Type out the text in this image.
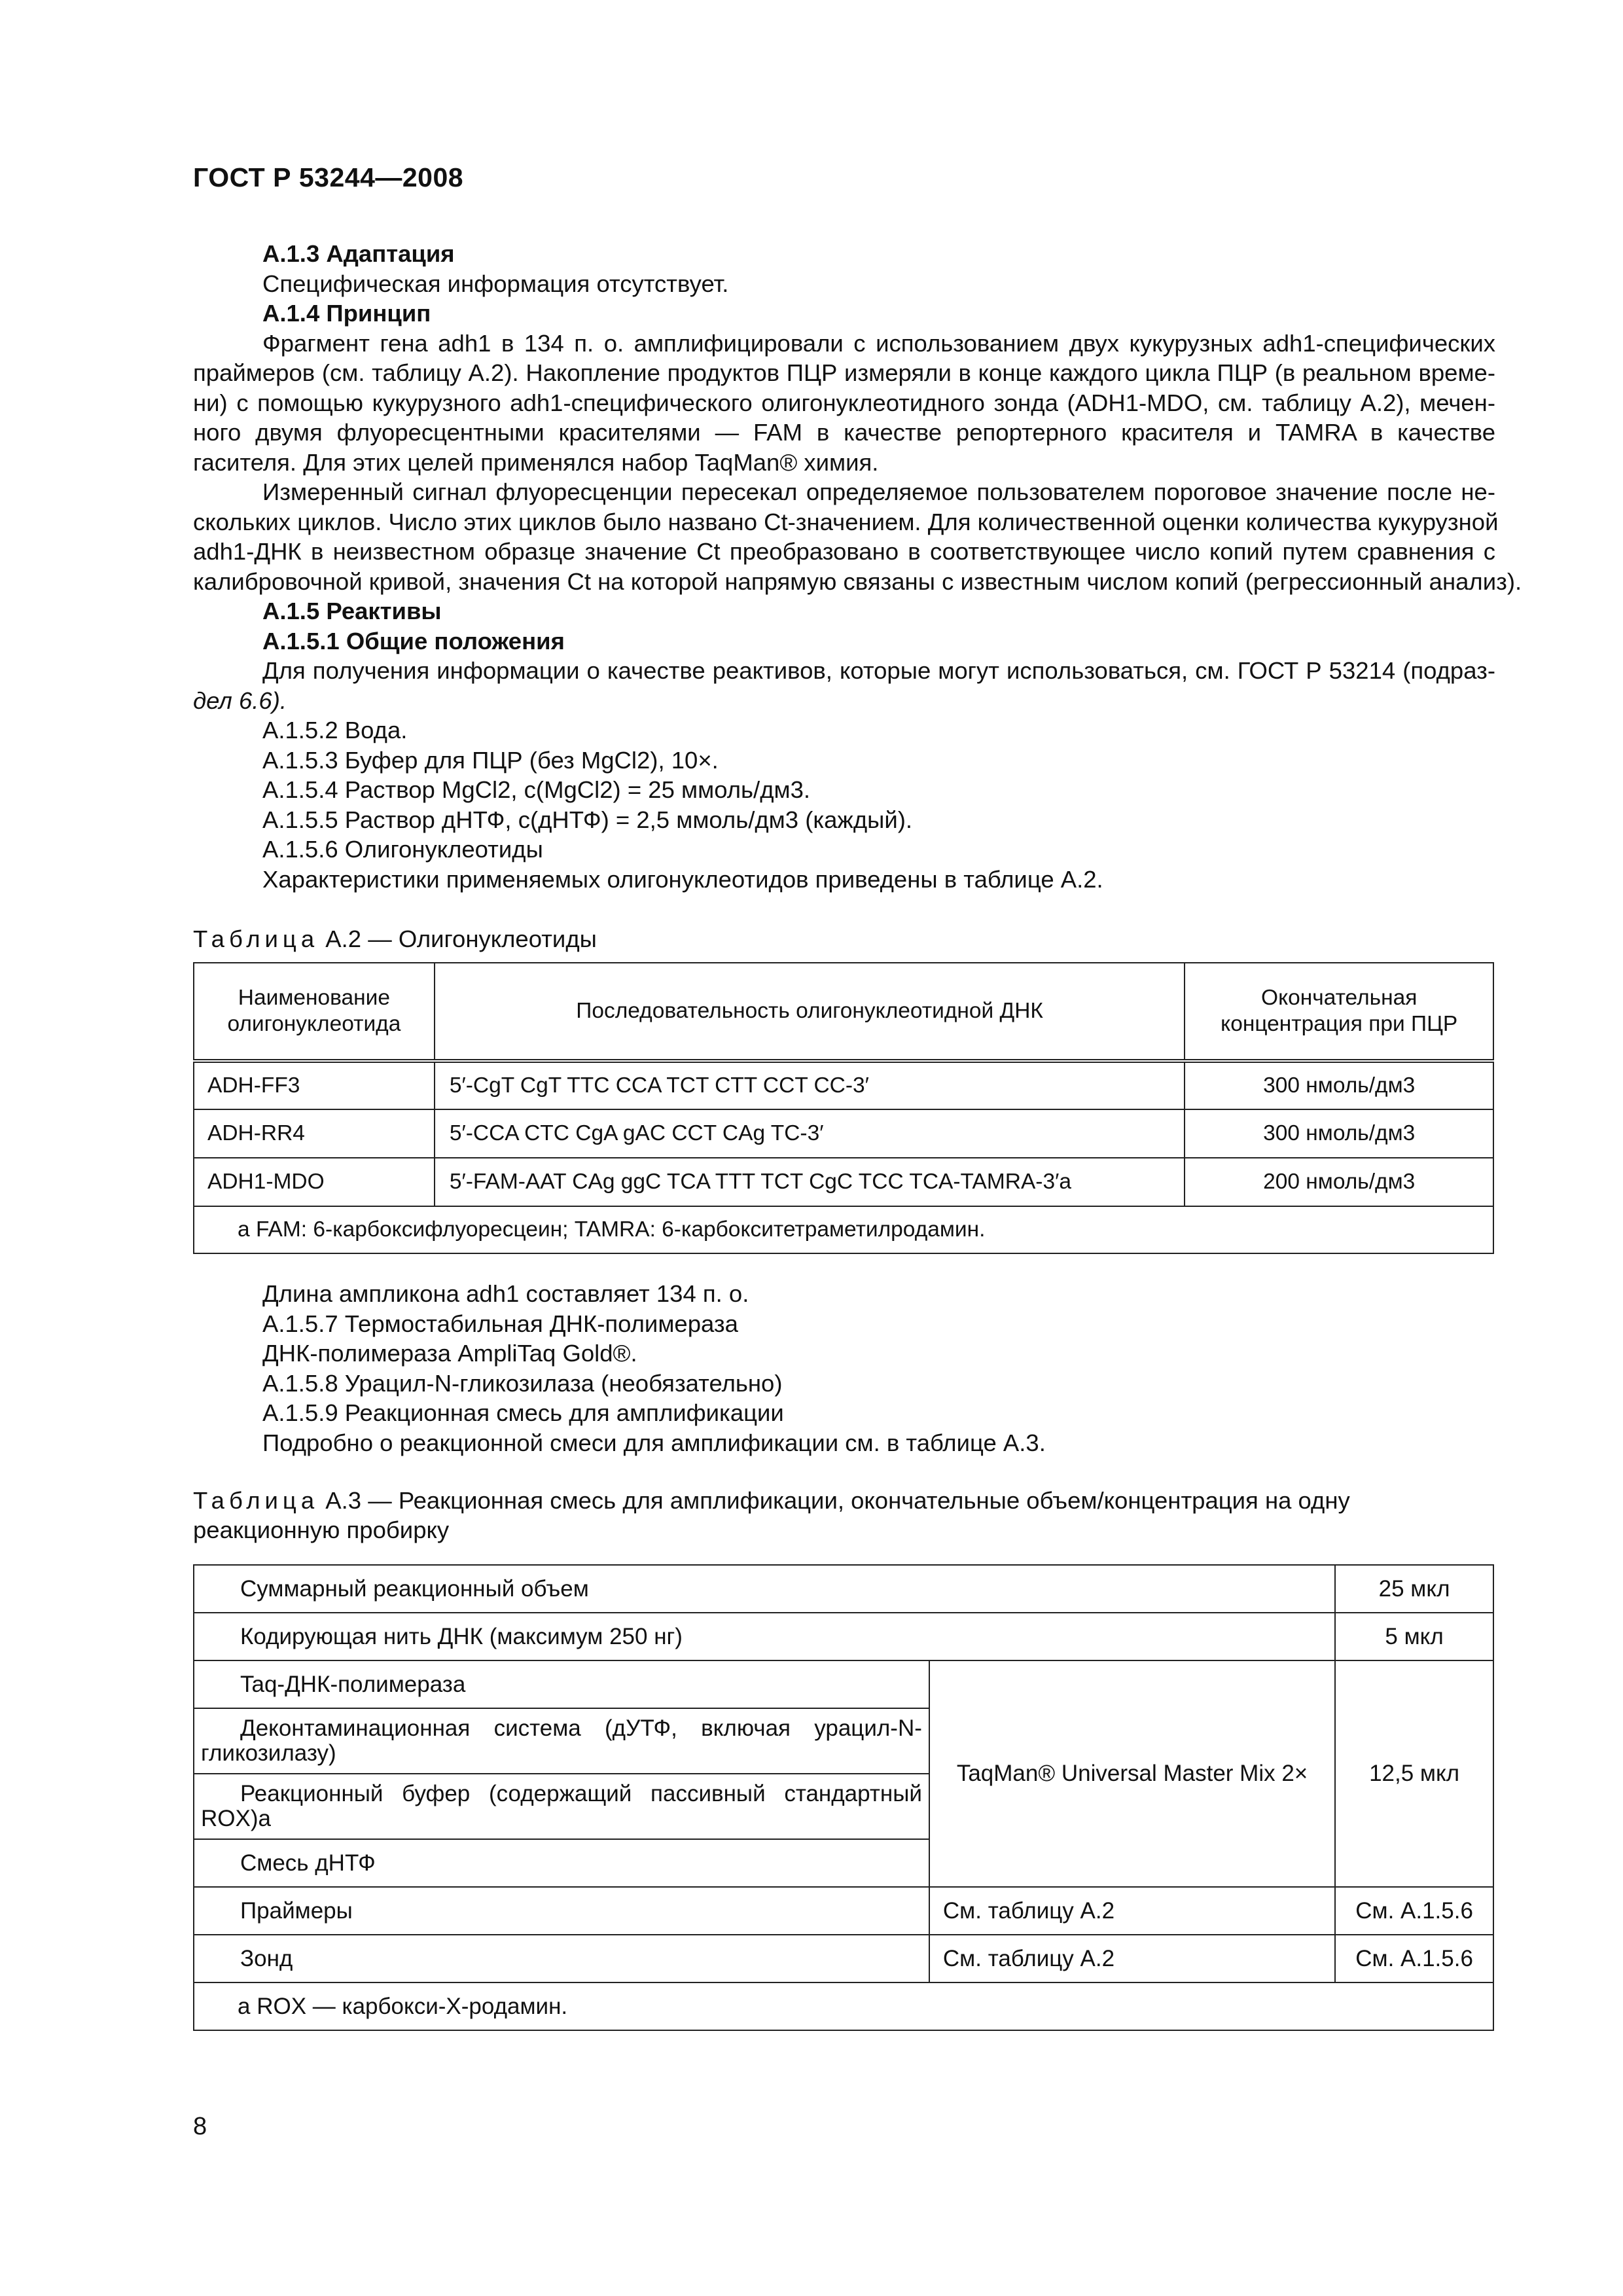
ГОСТ Р 53244—2008
А.1.3 Адаптация
Специфическая информация отсутствует.
А.1.4 Принцип
Фрагмент гена adh1 в 134 п. о. амплифицировали с использованием двух кукурузных adh1-специфических
праймеров (см. таблицу А.2). Накопление продуктов ПЦР измеряли в конце каждого цикла ПЦР (в реальном време-
ни) с помощью кукурузного adh1-специфического олигонуклеотидного зонда (ADH1-MDO, см. таблицу А.2), мечен-
ного двумя флуоресцентными красителями — FAM в качестве репортерного красителя и TAMRA в качестве
гасителя. Для этих целей применялся набор TaqMan® химия.
Измеренный сигнал флуоресценции пересекал определяемое пользователем пороговое значение после не-
скольких циклов. Число этих циклов было названо Ct-значением. Для количественной оценки количества кукурузной
adh1-ДНК в неизвестном образце значение Ct преобразовано в соответствующее число копий путем сравнения с
калибровочной кривой, значения Ct на которой напрямую связаны с известным числом копий (регрессионный анализ).
А.1.5 Реактивы
А.1.5.1 Общие положения
Для получения информации о качестве реактивов, которые могут использоваться, см. ГОСТ Р 53214 (подраз-
дел 6.6).
А.1.5.2 Вода.
А.1.5.3 Буфер для ПЦР (без MgCl2), 10×.
А.1.5.4 Раствор MgCl2, c(MgCl2) = 25 ммоль/дм3.
А.1.5.5 Раствор дНТФ, c(дНТФ) = 2,5 ммоль/дм3 (каждый).
А.1.5.6 Олигонуклеотиды
Характеристики применяемых олигонуклеотидов приведены в таблице А.2.
Таблица А.2 — Олигонуклеотиды
Наименование олигонуклеотида	Последовательность олигонуклеотидной ДНК	Окончательная концентрация при ПЦР
ADH-FF3	5′-CgT CgT TTC CCA TCT CTT CCT CC-3′	300 нмоль/дм3
ADH-RR4	5′-CCA CTC CgA gAC CCT CAg TC-3′	300 нмоль/дм3
ADH1-MDO	5′-FAM-AAT CAg ggC TCA TTT TCT CgC TCC TCA-TAMRA-3′a	200 нмоль/дм3
a FAM: 6-карбоксифлуоресцеин; TAMRA: 6-карбокситетраметилродамин.		
Длина ампликона adh1 составляет 134 п. о.
А.1.5.7 Термостабильная ДНК-полимераза
ДНК-полимераза AmpliTaq Gold®.
А.1.5.8 Урацил-N-гликозилаза (необязательно)
А.1.5.9 Реакционная смесь для амплификации
Подробно о реакционной смеси для амплификации см. в таблице А.3.
Таблица А.3 — Реакционная смесь для амплификации, окончательные объем/концентрация на одну
реакционную пробирку
Суммарный реакционный объем		25 мкл
Кодирующая нить ДНК (максимум 250 нг)		5 мкл
Taq-ДНК-полимераза	TaqMan® Universal Master Mix 2×	12,5 мкл
Деконтаминационная система (дУТФ, включая урацил-N-гликозилазу)		
Реакционный буфер (содержащий пассивный стандартный ROX)a		
Смесь дНТФ		
Праймеры	См. таблицу А.2	См. А.1.5.6
Зонд	См. таблицу А.2	См. А.1.5.6
a ROX — карбокси-X-родамин.		
8
